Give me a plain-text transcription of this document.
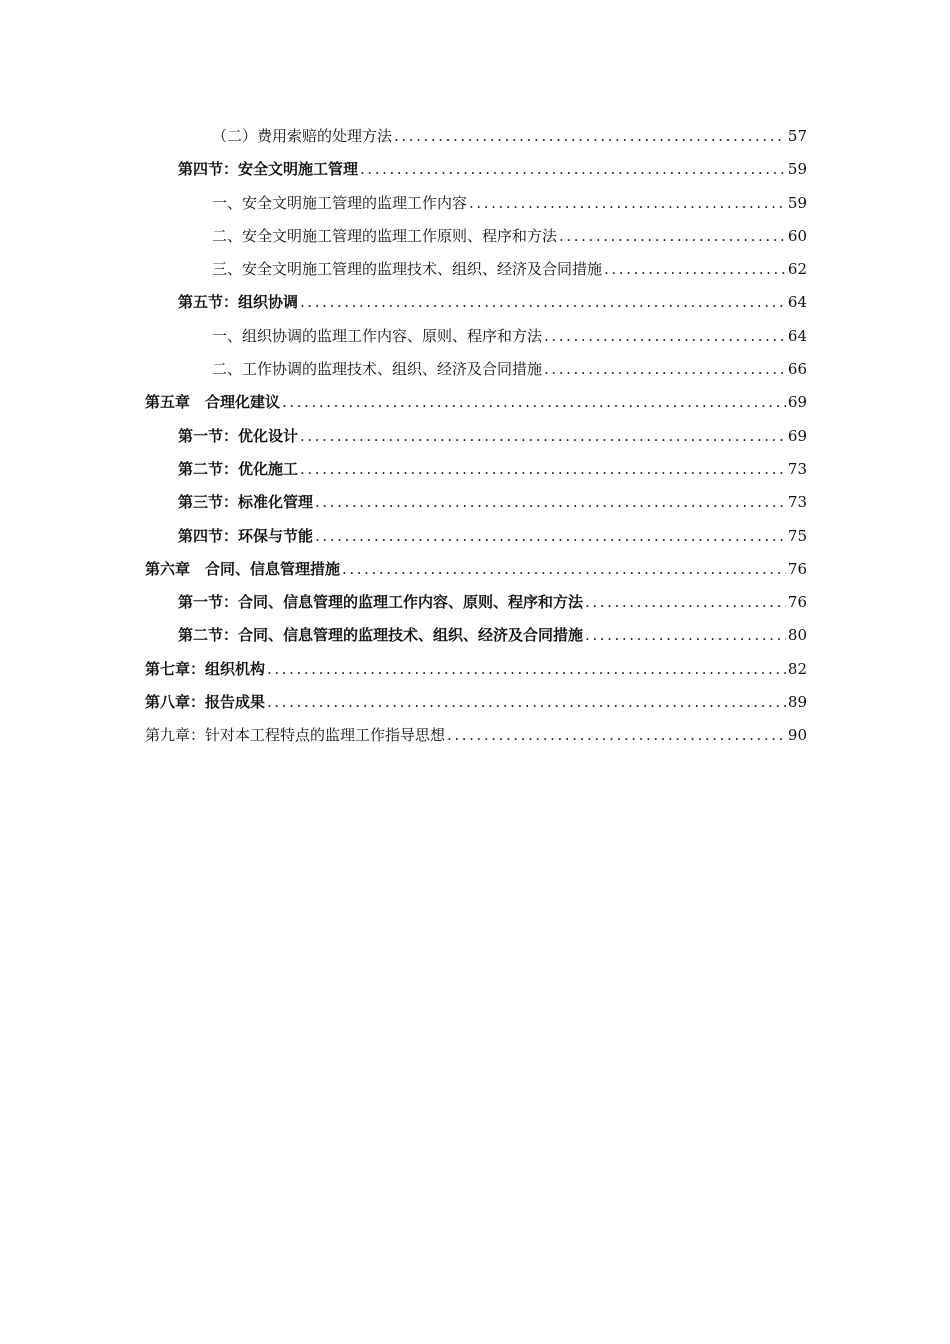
（二）费用索赔的处理方法 .....	57
第四节：安全文明施工管理 .....	59
一、安全文明施工管理的监理工作内容 .....	59
二、安全文明施工管理的监理工作原则、程序和方法 .....	60
三、安全文明施工管理的监理技术、组织、经济及合同措施 .....	62
第五节：组织协调 .....	64
一、组织协调的监理工作内容、原则、程序和方法 .....	64
二、工作协调的监理技术、组织、经济及合同措施 .....	66
第五章　合理化建议 .....	69
第一节：优化设计 .....	69
第二节：优化施工 .....	73
第三节：标准化管理 .....	73
第四节：环保与节能 .....	75
第六章　合同、信息管理措施 .....	76
第一节：合同、信息管理的监理工作内容、原则、程序和方法 .....	76
第二节：合同、信息管理的监理技术、组织、经济及合同措施 .....	80
第七章：组织机构 .....	82
第八章：报告成果 .....	89
第九章：针对本工程特点的监理工作指导思想 .....	90
